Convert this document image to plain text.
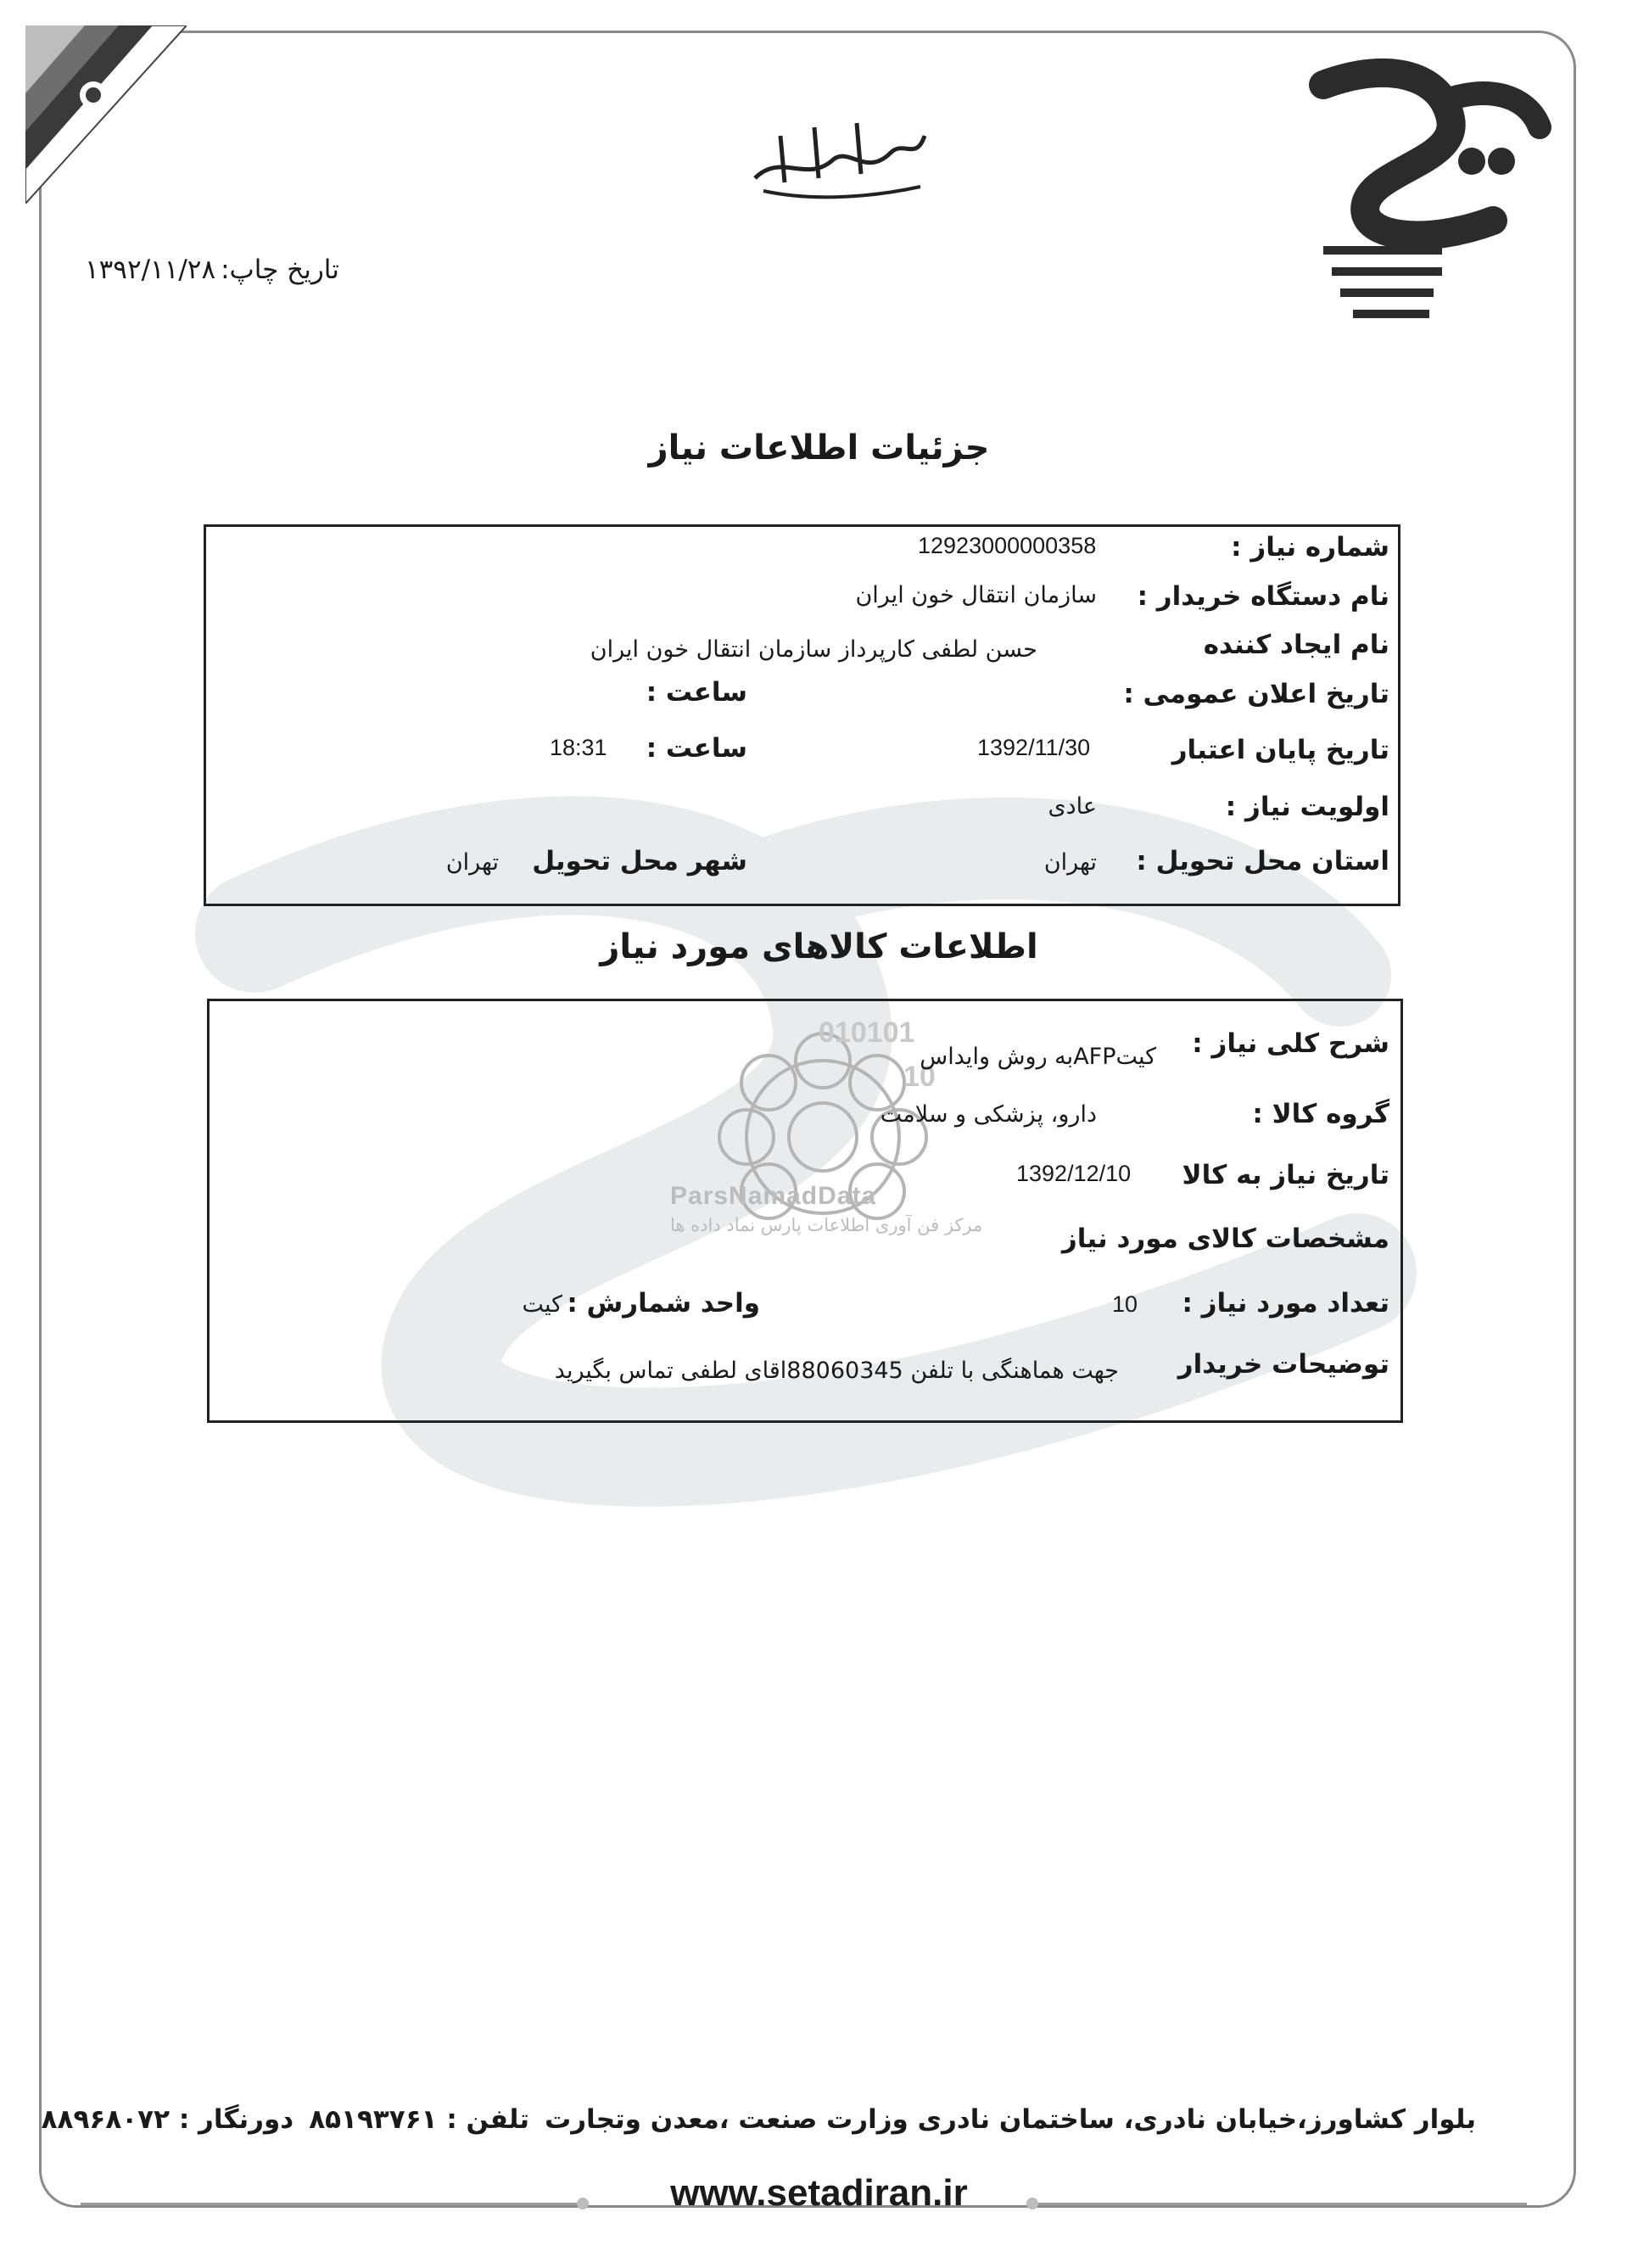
تاریخ چاپ:۱۳۹۲/۱۱/۲۸
جزئیات اطلاعات نیاز
شماره نیاز :
12923000000358
نام دستگاه خریدار :
سازمان انتقال خون ایران
نام ایجاد کننده
حسن لطفی کارپرداز سازمان انتقال خون ایران
تاریخ اعلان عمومی :
ساعت :
تاریخ پایان اعتبار
1392/11/30
ساعت :
18:31
اولویت نیاز :
عادی
استان محل تحویل :
تهران
شهر محل تحویل
تهران
اطلاعات کالاهای مورد نیاز
010101
10
ParsNamadData
مرکز فن آوری اطلاعات پارس نماد داده ها
شرح کلی نیاز :
کیتAFPبه روش وایداس
گروه کالا :
دارو، پزشکی و سلامت
تاریخ نیاز به کالا
1392/12/10
مشخصات کالای مورد نیاز
تعداد مورد نیاز :
10
واحد شمارش :
کیت
توضیحات خریدار
جهت هماهنگی با تلفن 88060345اقای لطفی تماس بگیرید
بلوار کشاورز،خیابان نادری، ساختمان نادری وزارت صنعت ،معدن وتجارتتلفن : ۸۵۱۹۳۷۶۱دورنگار : ۸۸۹۶۸۰۷۲
www.setadiran.ir
